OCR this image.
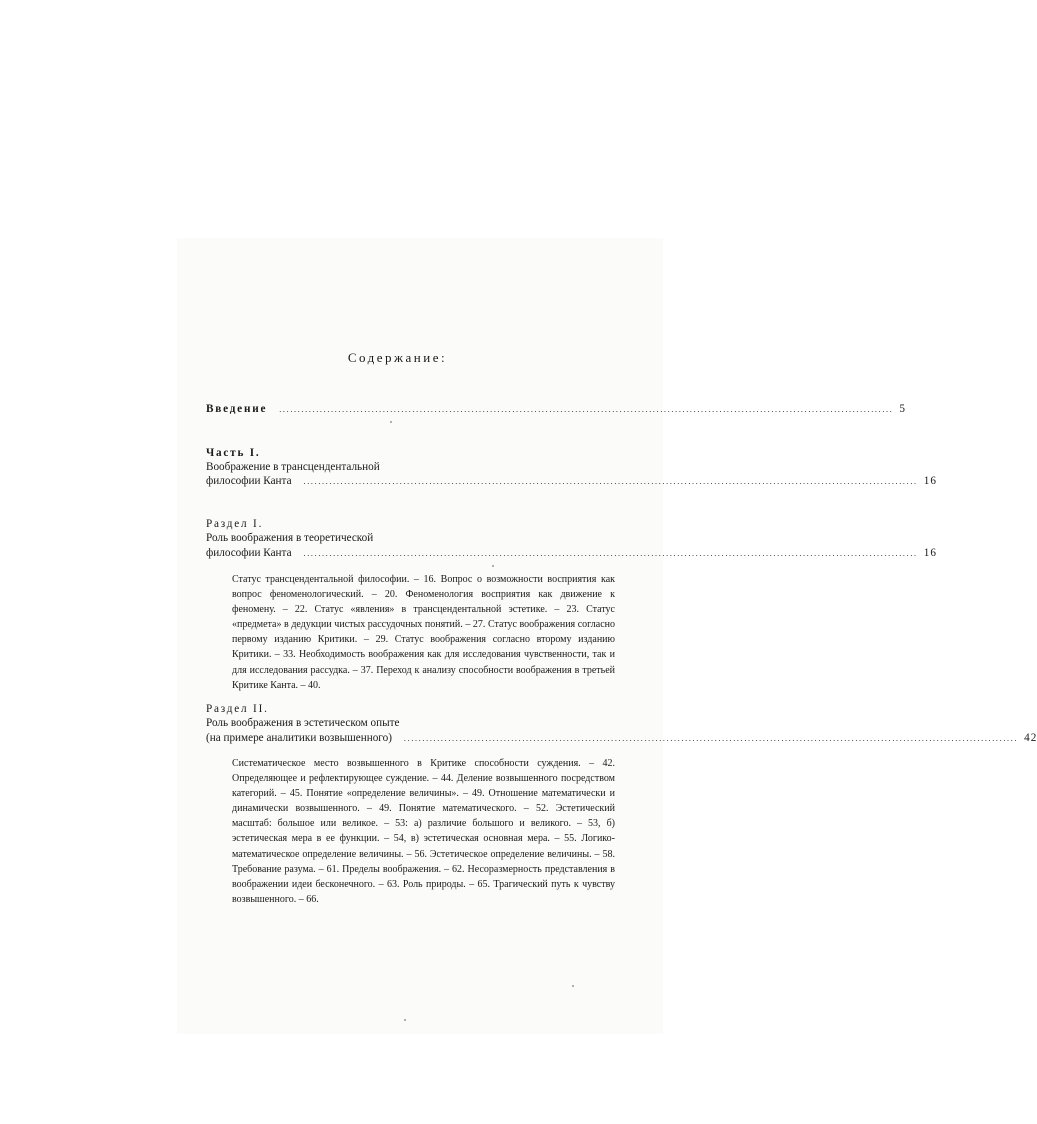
Содержание:
Введение ...................................................................................................................................................................... 5

Часть I.

Воображение в трансцендентальной

философии Канта ...................................................................................................................................................................... 16

Раздел I.

Роль воображения в теоретической

философии Канта ...................................................................................................................................................................... 16

Статус трансцендентальной философии. – 16. Вопрос о возможности восприятия как вопрос феноменологический. – 20. Феноменология восприятия как движение к феномену. – 22. Статус «явления» в трансцендентальной эстетике. – 23. Статус «предмета» в дедукции чистых рассудочных понятий. – 27. Статус воображения согласно первому изданию Критики. – 29. Статус воображения согласно второму изданию Критики. – 33. Необходимость воображения как для исследования чувственности, так и для исследования рассудка. – 37. Переход к анализу способности воображения в третьей Критике Канта. – 40.

Раздел II.

Роль воображения в эстетическом опыте

(на примере аналитики возвышенного) ...................................................................................................................................................................... 42

Систематическое место возвышенного в Критике способности суждения. – 42. Определяющее и рефлектирующее суждение. – 44. Деление возвышенного посредством категорий. – 45. Понятие «определение величины». – 49. Отношение математически и динамически возвышенного. – 49. Понятие математического. – 52. Эстетический масштаб: большое или великое. – 53: а) различие большого и великого. – 53, б) эстетическая мера в ее функции. – 54, в) эстетическая основная мера. – 55. Логико-математическое определение величины. – 56. Эстетическое определение величины. – 58. Требование разума. – 61. Пределы воображения. – 62. Несоразмерность представления в воображении идеи бесконечного. – 63. Роль природы. – 65. Трагический путь к чувству возвышенного. – 66.
